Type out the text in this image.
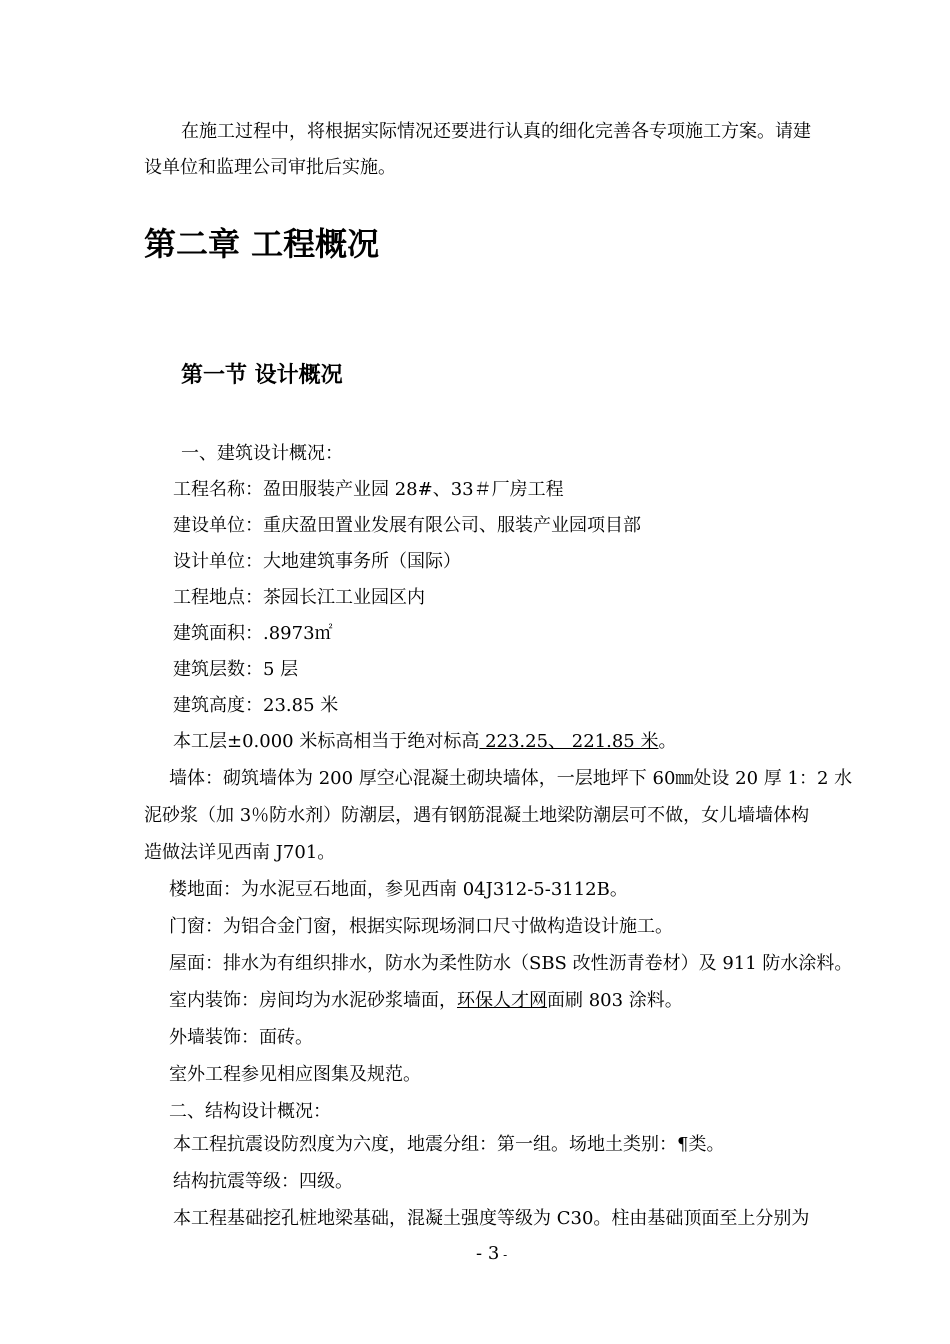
在施工过程中，将根据实际情况还要进行认真的细化完善各专项施工方案。请建
设单位和监理公司审批后实施。
第二章 工程概况
第一节 设计概况
一、建筑设计概况：
工程名称：盈田服装产业园 28#、33＃厂房工程
建设单位：重庆盈田置业发展有限公司、服装产业园项目部
设计单位：大地建筑事务所（国际）
工程地点：茶园长江工业园区内
建筑面积：.8973㎡
建筑层数：5 层
建筑高度：23.85 米
本工层±0.000 米标高相当于绝对标高 223.25、 221.85 米。
墙体：砌筑墙体为 200 厚空心混凝土砌块墙体，一层地坪下 60㎜处设 20 厚 1：2 水
泥砂浆（加 3％防水剂）防潮层，遇有钢筋混凝土地梁防潮层可不做，女儿墙墙体构
造做法详见西南 J701。
楼地面：为水泥豆石地面，参见西南 04J312-5-3112B。
门窗：为铝合金门窗，根据实际现场洞口尺寸做构造设计施工。
屋面：排水为有组织排水，防水为柔性防水（SBS 改性沥青卷材）及 911 防水涂料。
室内装饰：房间均为水泥砂浆墙面，环保人才网面刷 803 涂料。
外墙装饰：面砖。
室外工程参见相应图集及规范。
二、结构设计概况：
本工程抗震设防烈度为六度，地震分组：第一组。场地土类别：¶类。
结构抗震等级：四级。
本工程基础挖孔桩地梁基础，混凝土强度等级为 C30。柱由基础顶面至上分别为
- 3 -
